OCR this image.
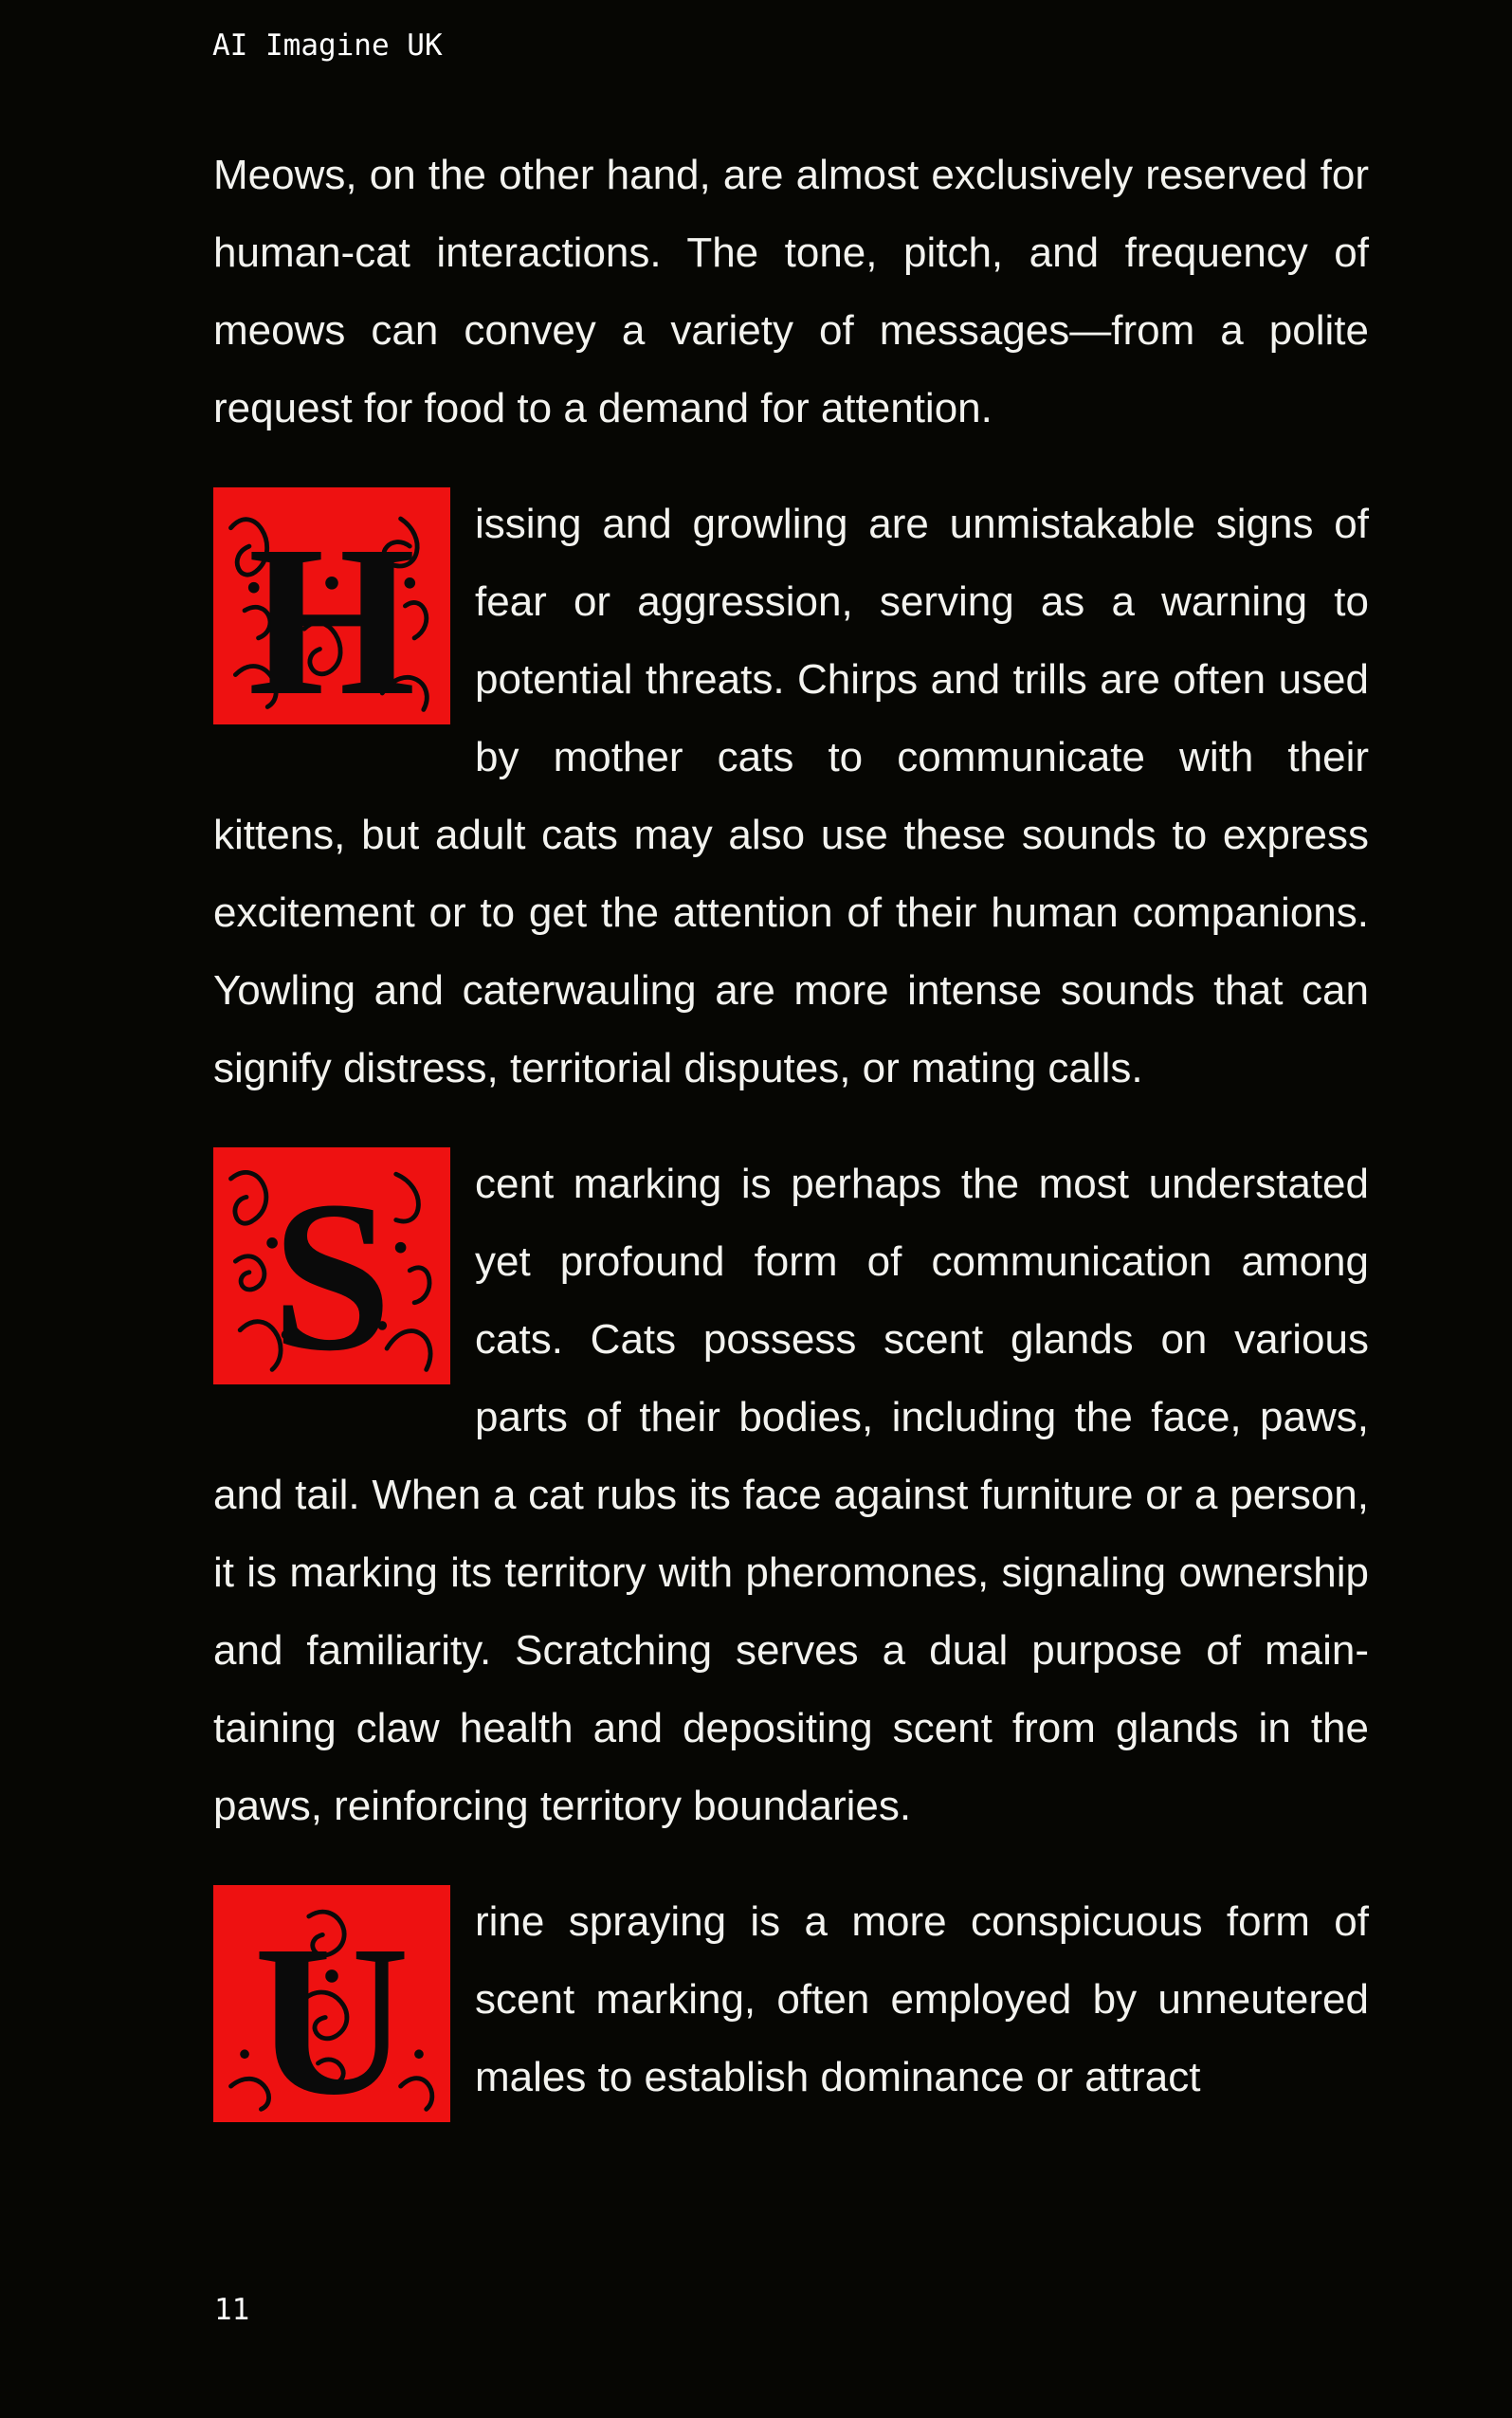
AI Imagine UK

Meows, on the other hand, are almost exclusively reserved for human-cat interactions. The tone, pitch, and frequency of meows can convey a variety of messages—from a polite request for food to a demand for attention.

H issing and growling are unmistakable signs of fear or aggression, serving as a warning to potential threats. Chirps and trills are often used by mother cats to communicate with their kittens, but adult cats may also use these sounds to express excitement or to get the attention of their human companions. Yowling and caterwauling are more intense sounds that can signify distress, territorial disputes, or mating calls.

S cent marking is perhaps the most understated yet profound form of communication among cats. Cats possess scent glands on various parts of their bodies, including the face, paws, and tail. When a cat rubs its face against furniture or a person, it is marking its territory with pheromones, signaling ownership and familiarity. Scratching serves a dual purpose of maintaining claw health and depositing scent from glands in the paws, reinforcing territory boundaries.

U rine spraying is a more conspicuous form of scent marking, often employed by unneutered males to establish dominance or attract

11
